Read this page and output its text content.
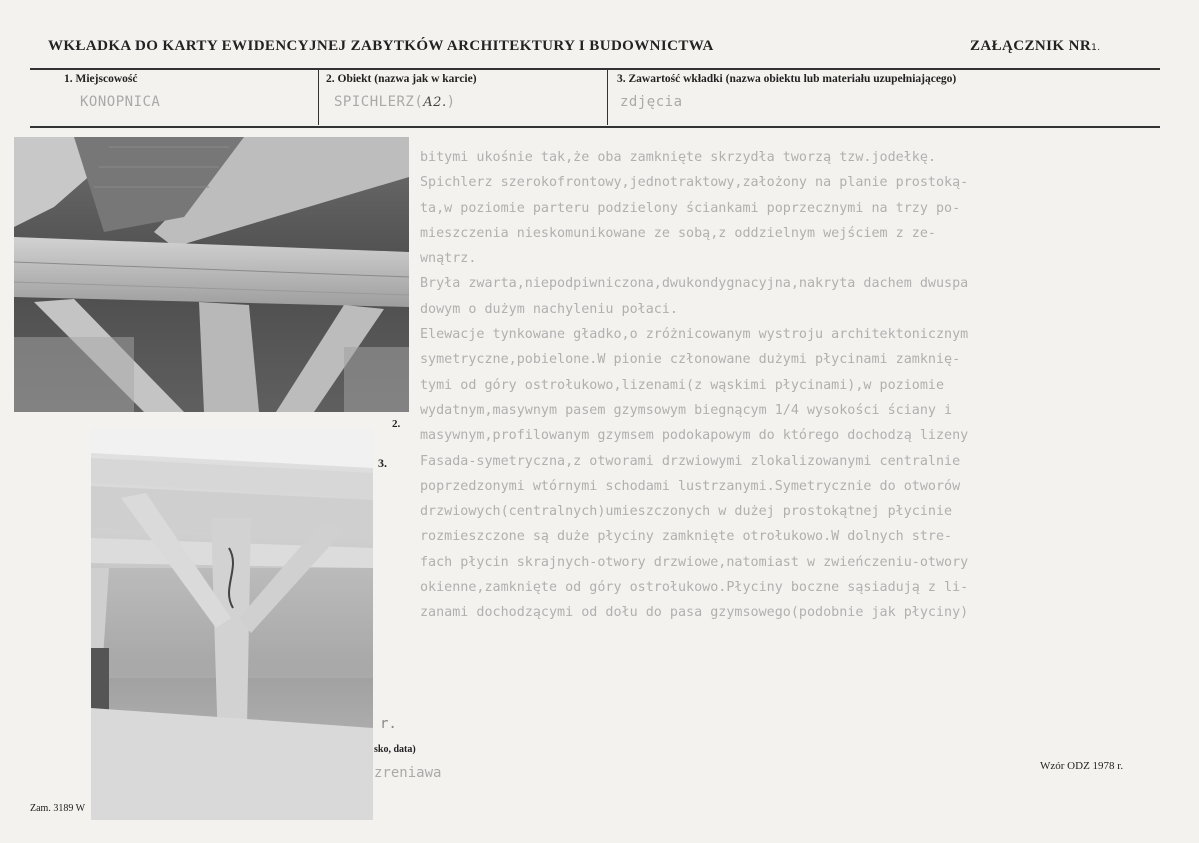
WKŁADKA DO KARTY EWIDENCYJNEJ ZABYTKÓW ARCHITEKTURY I BUDOWNICTWA	ZAŁĄCZNIK NR1.
1. Miejscowość	2. Obiekt (nazwa jak w karcie)	3. Zawartość wkładki (nazwa obiektu lub materiału uzupełniającego)
KONOPNICA	SPICHLERZ(A2.)	zdjęcia
bitymi ukośnie tak,że oba zamknięte skrzydła tworzą tzw.jodełkę.
Spichlerz szerokofrontowy,jednotraktowy,założony na planie prostoką-
ta,w poziomie parteru podzielony ściankami poprzecznymi na trzy po-
mieszczenia nieskomunikowane ze sobą,z oddzielnym wejściem z ze-
wnątrz.
Bryła zwarta,niepodpiwniczona,dwukondygnacyjna,nakryta dachem dwuspa
dowym o dużym nachyleniu połaci.
Elewacje tynkowane gładko,o zróżnicowanym wystroju architektonicznym
symetryczne,pobielone.W pionie członowane dużymi płycinami zamknię-
tymi od góry ostrołukowo,lizenami(z wąskimi płycinami),w poziomie
wydatnym,masywnym pasem gzymsowym biegnącym 1/4 wysokości ściany i
masywnym,profilowanym gzymsem podokapowym do którego dochodzą lizeny
Fasada-symetryczna,z otworami drzwiowymi zlokalizowanymi centralnie
poprzedzonymi wtórnymi schodami lustrzanymi.Symetrycznie do otworów
drzwiowych(centralnych)umieszczonych w dużej prostokątnej płycinie
rozmieszczone są duże płyciny zamknięte otrołukowo.W dolnych stre-
fach płycin skrajnych-otwory drzwiowe,natomiast w zwieńczeniu-otwory
okienne,zamknięte od góry ostrołukowo.Płyciny boczne sąsiadują z li-
zanami dochodzącymi od dołu do pasa gzymsowego(podobnie jak płyciny)
2.
3.
r.
sko, data)
zreniawa	Wzór ODZ 1978 r.
Zam. 3189 W
